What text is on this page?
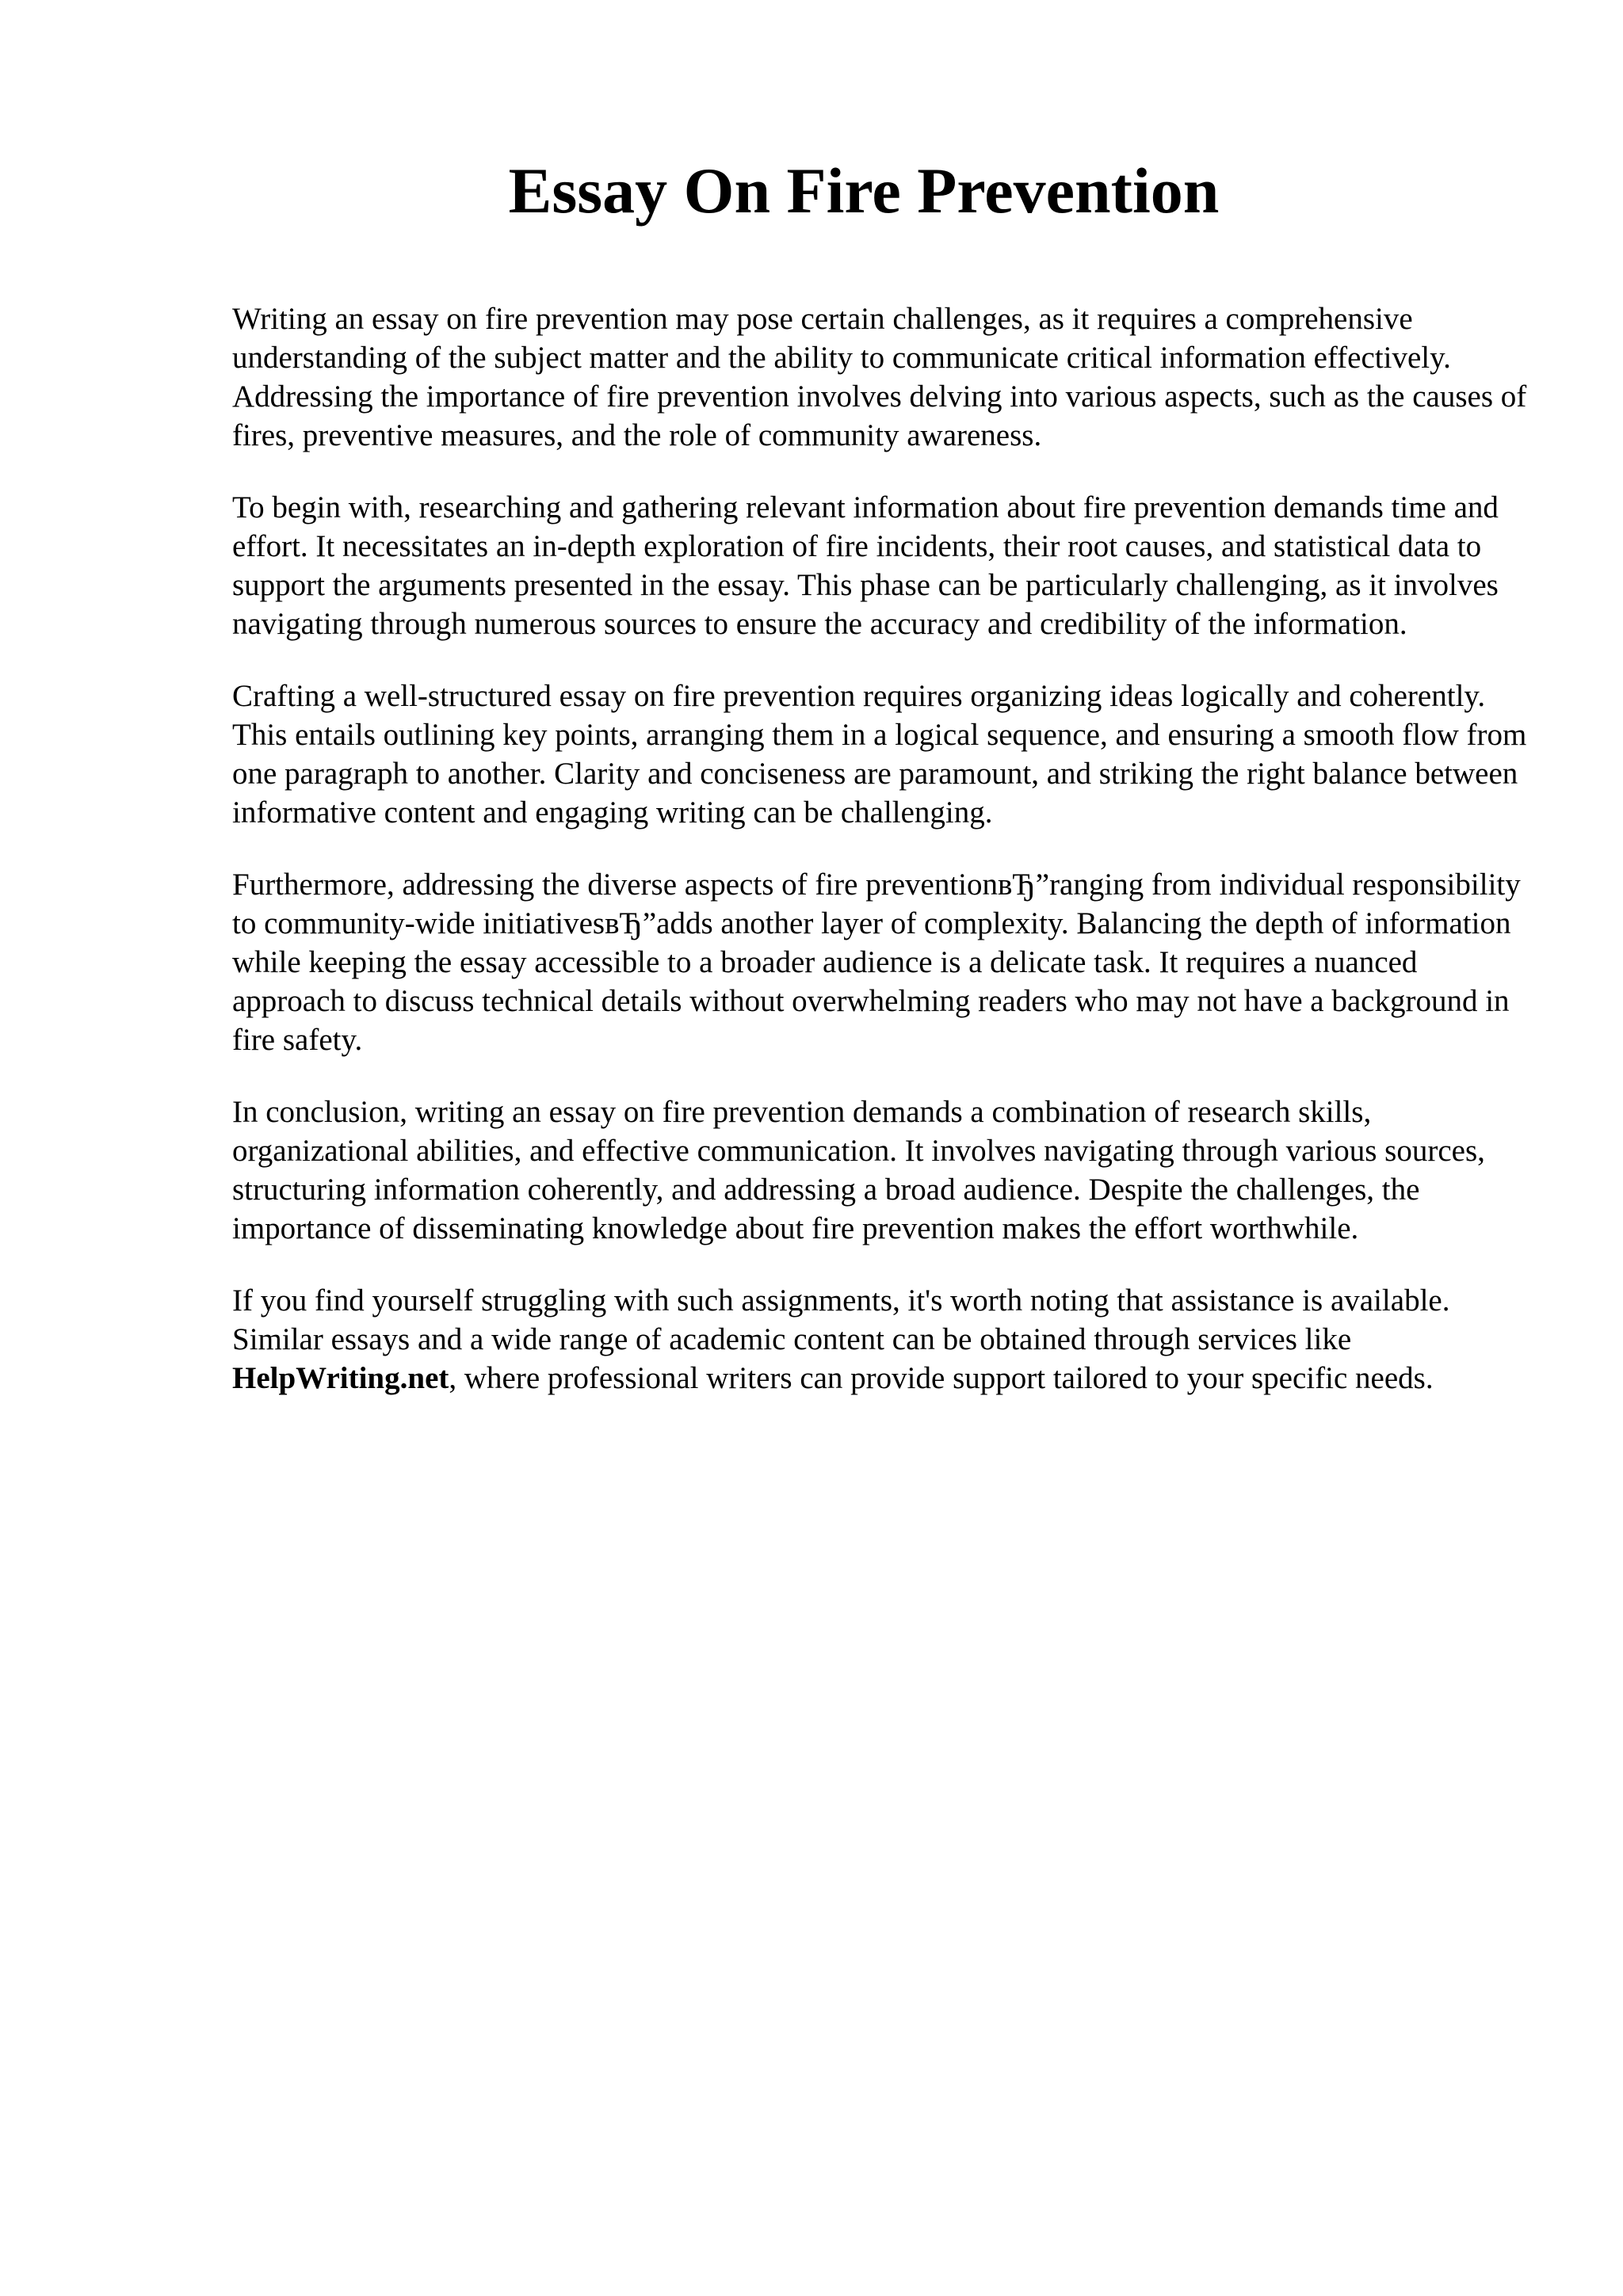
Essay On Fire Prevention

Writing an essay on fire prevention may pose certain challenges, as it requires a comprehensive understanding of the subject matter and the ability to communicate critical information effectively. Addressing the importance of fire prevention involves delving into various aspects, such as the causes of fires, preventive measures, and the role of community awareness.

To begin with, researching and gathering relevant information about fire prevention demands time and effort. It necessitates an in-depth exploration of fire incidents, their root causes, and statistical data to support the arguments presented in the essay. This phase can be particularly challenging, as it involves navigating through numerous sources to ensure the accuracy and credibility of the information.

Crafting a well-structured essay on fire prevention requires organizing ideas logically and coherently. This entails outlining key points, arranging them in a logical sequence, and ensuring a smooth flow from one paragraph to another. Clarity and conciseness are paramount, and striking the right balance between informative content and engaging writing can be challenging.

Furthermore, addressing the diverse aspects of fire preventionвЂ”ranging from individual responsibility to community-wide initiativesвЂ”adds another layer of complexity. Balancing the depth of information while keeping the essay accessible to a broader audience is a delicate task. It requires a nuanced approach to discuss technical details without overwhelming readers who may not have a background in fire safety.

In conclusion, writing an essay on fire prevention demands a combination of research skills, organizational abilities, and effective communication. It involves navigating through various sources, structuring information coherently, and addressing a broad audience. Despite the challenges, the importance of disseminating knowledge about fire prevention makes the effort worthwhile.

If you find yourself struggling with such assignments, it's worth noting that assistance is available. Similar essays and a wide range of academic content can be obtained through services like HelpWriting.net, where professional writers can provide support tailored to your specific needs.
